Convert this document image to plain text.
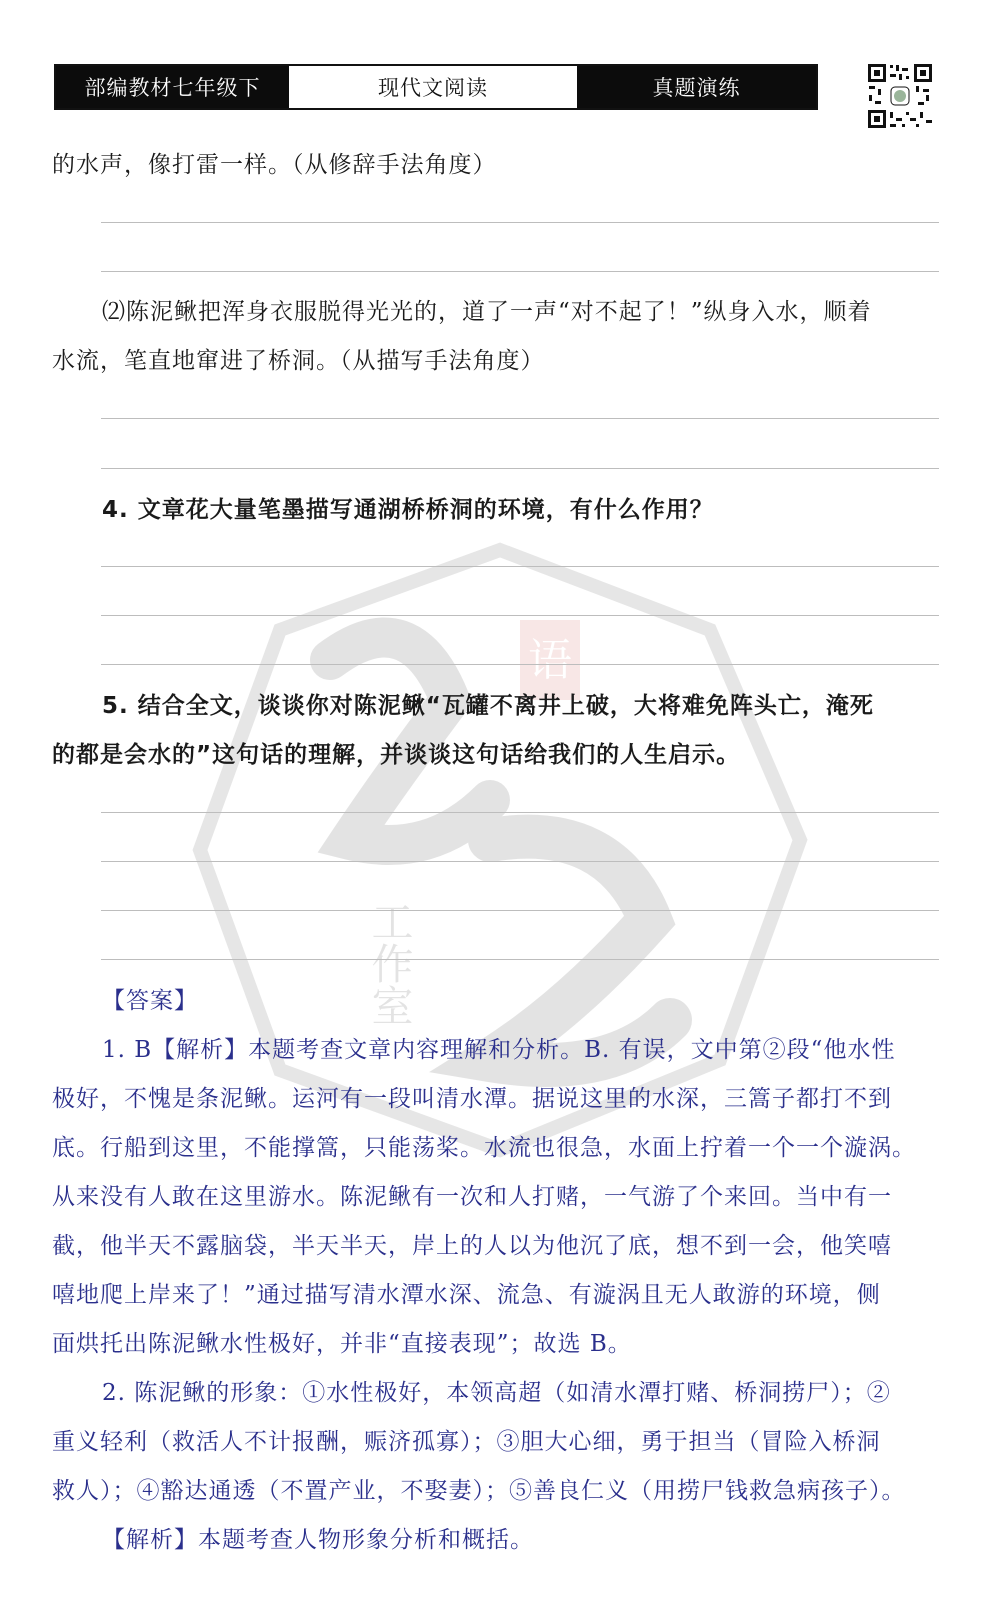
部编教材七年级下	现代文阅读	真题演练
语
工作室
的水声，像打雷一样。（从修辞手法角度）
⑵陈泥鳅把浑身衣服脱得光光的，道了一声“对不起了！”纵身入水，顺着
水流，笔直地窜进了桥洞。（从描写手法角度）
4. 文章花大量笔墨描写通湖桥桥洞的环境，有什么作用？
5. 结合全文，谈谈你对陈泥鳅“瓦罐不离井上破，大将难免阵头亡，淹死
的都是会水的”这句话的理解，并谈谈这句话给我们的人生启示。
【答案】
1. B【解析】本题考查文章内容理解和分析。B. 有误，文中第②段“他水性
极好，不愧是条泥鳅。运河有一段叫清水潭。据说这里的水深，三篙子都打不到
底。行船到这里，不能撑篙，只能荡桨。水流也很急，水面上拧着一个一个漩涡。
从来没有人敢在这里游水。陈泥鳅有一次和人打赌，一气游了个来回。当中有一
截，他半天不露脑袋，半天半天，岸上的人以为他沉了底，想不到一会，他笑嘻
嘻地爬上岸来了！”通过描写清水潭水深、流急、有漩涡且无人敢游的环境，侧
面烘托出陈泥鳅水性极好，并非“直接表现”；故选 B。
2. 陈泥鳅的形象：①水性极好，本领高超（如清水潭打赌、桥洞捞尸）；②
重义轻利（救活人不计报酬，赈济孤寡）；③胆大心细，勇于担当（冒险入桥洞
救人）；④豁达通透（不置产业，不娶妻）；⑤善良仁义（用捞尸钱救急病孩子）。
【解析】本题考查人物形象分析和概括。
